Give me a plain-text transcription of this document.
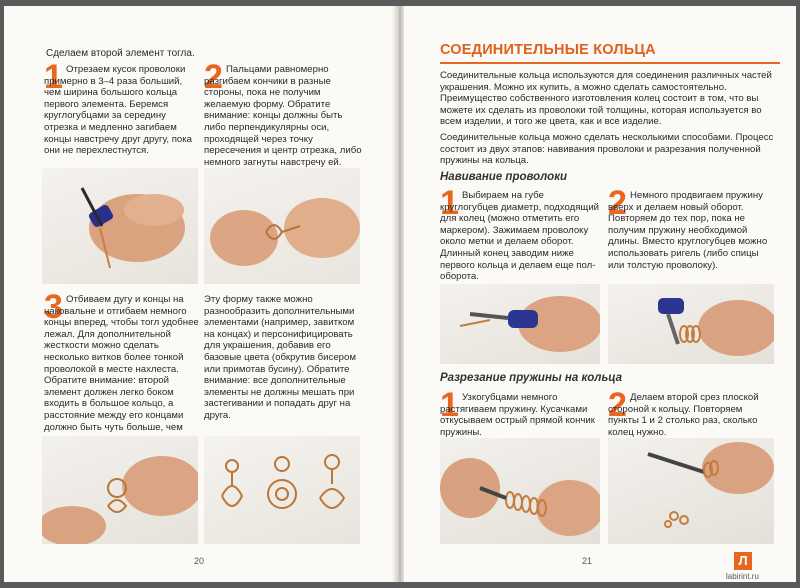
Сделаем второй элемент тогла.
1 Отрезаем кусок проволоки примерно в 3–4 раза больший, чем ширина большого кольца первого элемента. Беремся круглогубцами за середину отрезка и медленно загибаем концы навстречу друг другу, пока они не перехлестнутся.
2 Пальцами равномерно разгибаем кончики в разные стороны, пока не получим желаемую форму. Обратите внимание: концы должны быть либо перпендикулярны оси, проходящей через точку пересечения и центр отрезка, либо немного загнуты навстречу ей.
3 Отбиваем дугу и концы на наковальне и отгибаем немного концы вперед, чтобы тогл удобнее лежал. Для дополнительной жесткости можно сделать несколько витков более тонкой проволокой в месте нахлеста. Обратите внимание: второй элемент должен легко боком входить в большое кольцо, а расстояние между его концами должно быть чуть больше, чем
Эту форму также можно разнообразить дополнительными элементами (например, завитком на концах) и персонифицировать для украшения, добавив его базовые цвета (обкрутив бисером или примотав бусину). Обратите внимание: все дополнительные элементы не должны мешать при застегивании и попадать друг на друга.
20
СОЕДИНИТЕЛЬНЫЕ КОЛЬЦА
Соединительные кольца используются для соединения различных частей украшения. Можно их купить, а можно сделать самостоятельно. Преимущество собственного изготовления колец состоит в том, что вы можете их сделать из проволоки той толщины, которая используется во всем изделии, и того же цвета, как и все изделие.
Соединительные кольца можно сделать несколькими способами. Процесс состоит из двух этапов: навивания проволоки и разрезания полученной пружины на кольца.
Навивание проволоки
1 Выбираем на губе круглогубцев диаметр, подходящий для колец (можно отметить его маркером). Зажимаем проволоку около метки и делаем оборот. Длинный конец заводим ниже первого кольца и делаем еще пол-оборота.
2 Немного продвигаем пружину вверх и делаем новый оборот. Повторяем до тех пор, пока не получим пружину необходимой длины. Вместо круглогубцев можно использовать ригель (либо спицы или толстую проволоку).
Разрезание пружины на кольца
1 Узкогубцами немного растягиваем пружину. Кусачками откусываем острый прямой кончик пружины.
2 Делаем второй срез плоской стороной к кольцу. Повторяем пункты 1 и 2 столько раз, сколько колец нужно.
21	Л
labirint.ru
